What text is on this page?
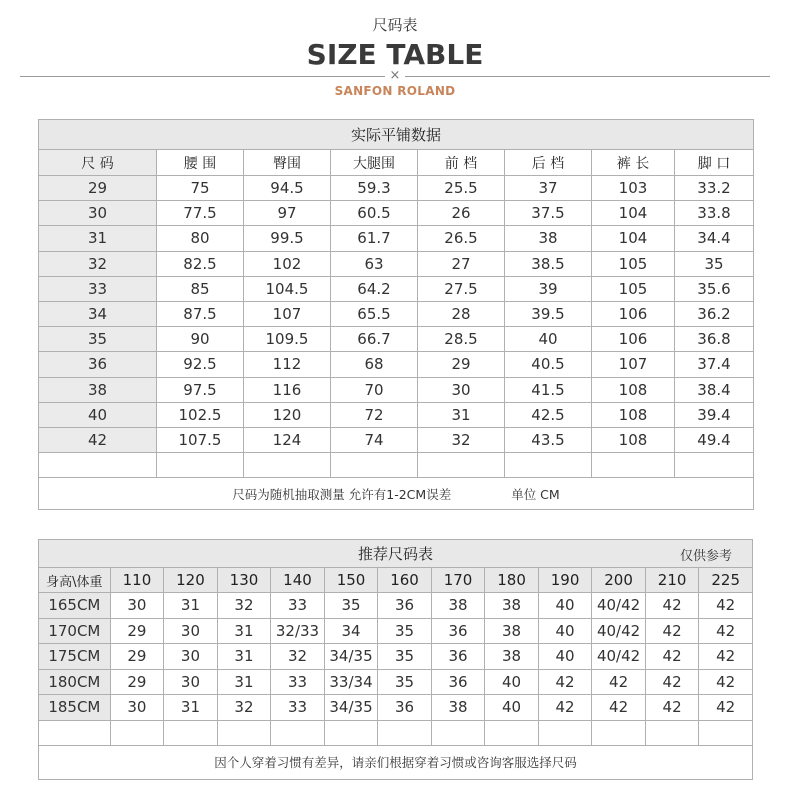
尺码表
SIZE TABLE
×
SANFON ROLAND
实际平铺数据							
尺 码	腰 围	臀围	大腿围	前 档	后 档	裤 长	脚 口
29	75	94.5	59.3	25.5	37	103	33.2
30	77.5	97	60.5	26	37.5	104	33.8
31	80	99.5	61.7	26.5	38	104	34.4
32	82.5	102	63	27	38.5	105	35
33	85	104.5	64.2	27.5	39	105	35.6
34	87.5	107	65.5	28	39.5	106	36.2
35	90	109.5	66.7	28.5	40	106	36.8
36	92.5	112	68	29	40.5	107	37.4
38	97.5	116	70	30	41.5	108	38.4
40	102.5	120	72	31	42.5	108	39.4
42	107.5	124	74	32	43.5	108	49.4

尺码为随机抽取测量 允许有1-2CM误差 单位 CM							
推荐尺码表 仅供参考												

身高\体重	110	120	130	140	150	160	170	180	190	200	210	225
165CM	30	31	32	33	35	36	38	38	40	40/42	42	42
170CM	29	30	31	32/33	34	35	36	38	40	40/42	42	42
175CM	29	30	31	32	34/35	35	36	38	40	40/42	42	42
180CM	29	30	31	33	33/34	35	36	40	42	42	42	42
185CM	30	31	32	33	34/35	36	38	40	42	42	42	42

因个人穿着习惯有差异，请亲们根据穿着习惯或咨询客服选择尺码												
